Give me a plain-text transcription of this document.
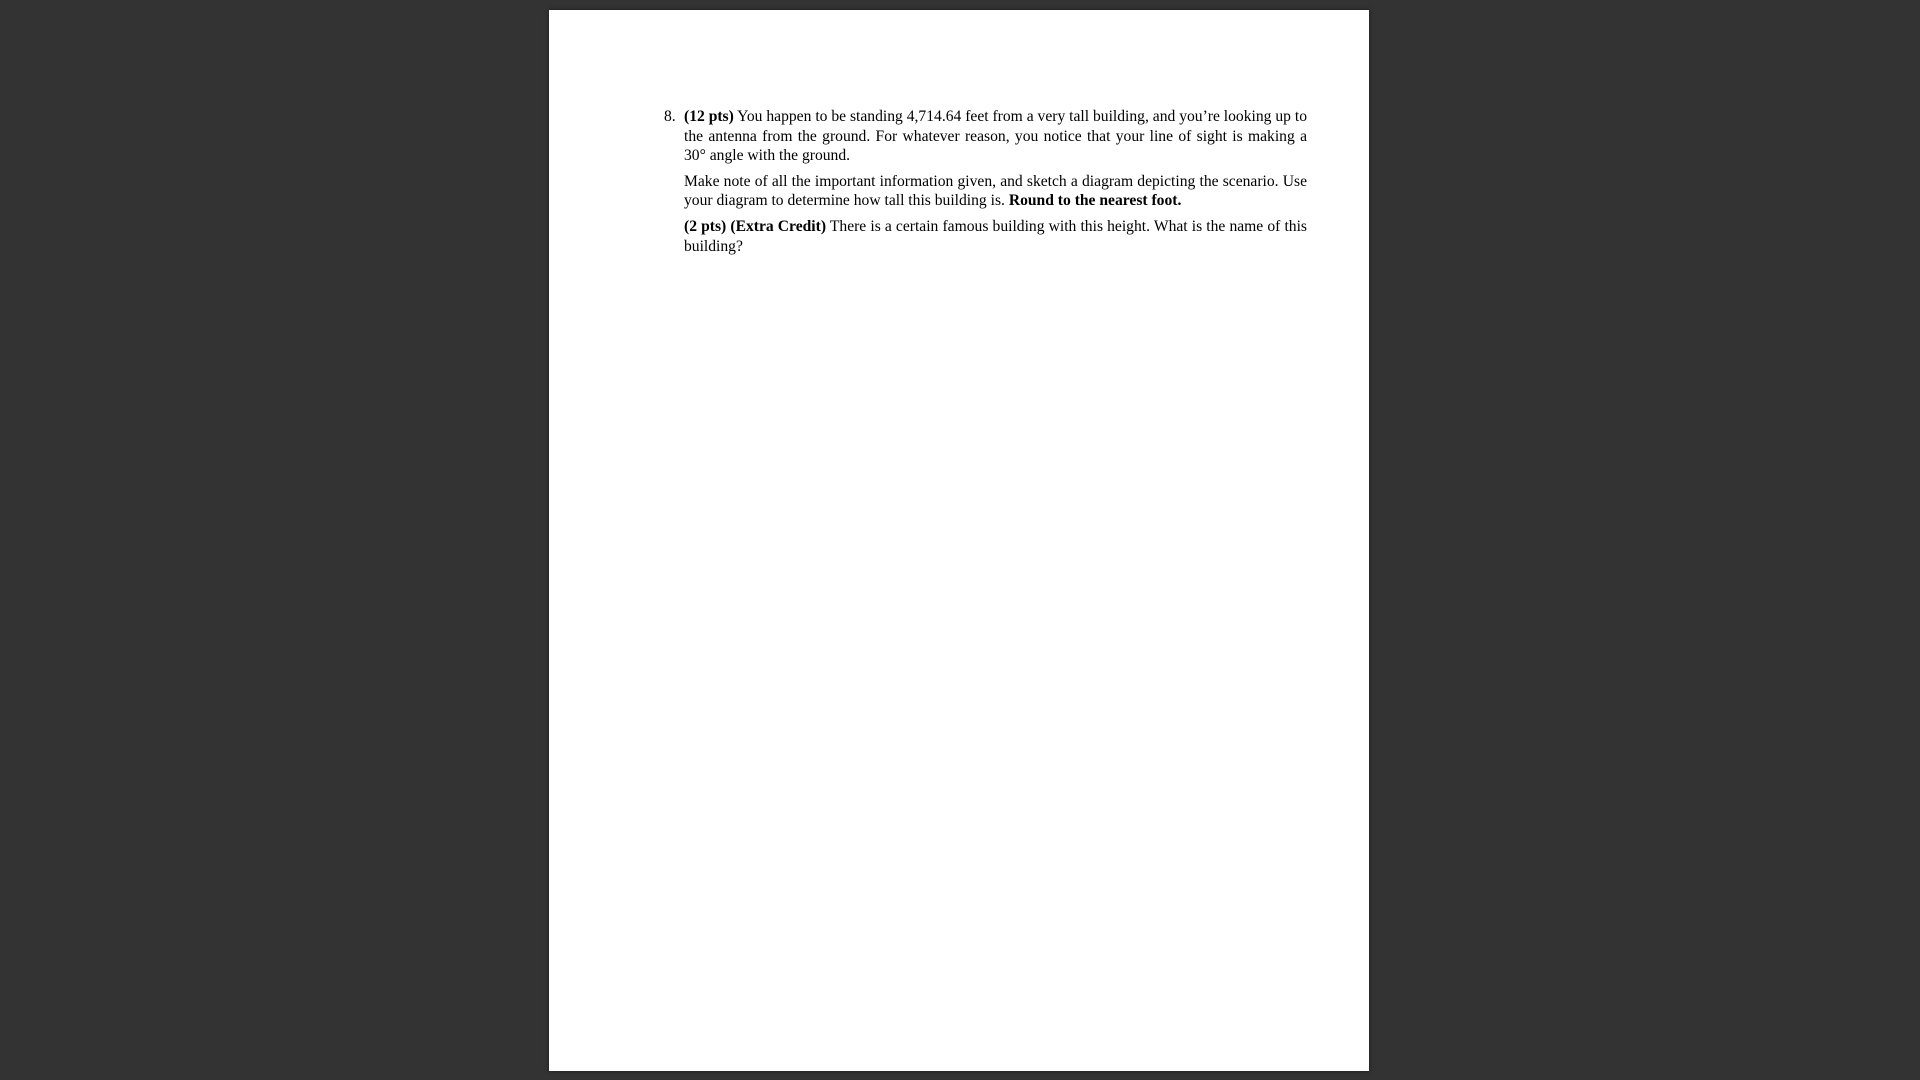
8. (12 pts) You happen to be standing 4,714.64 feet from a very tall building, and you’re looking up to the antenna from the ground. For whatever reason, you notice that your line of sight is making a 30° angle with the ground.

Make note of all the important information given, and sketch a diagram depicting the scenario. Use your diagram to determine how tall this building is. Round to the nearest foot.

(2 pts) (Extra Credit) There is a certain famous building with this height. What is the name of this building?
